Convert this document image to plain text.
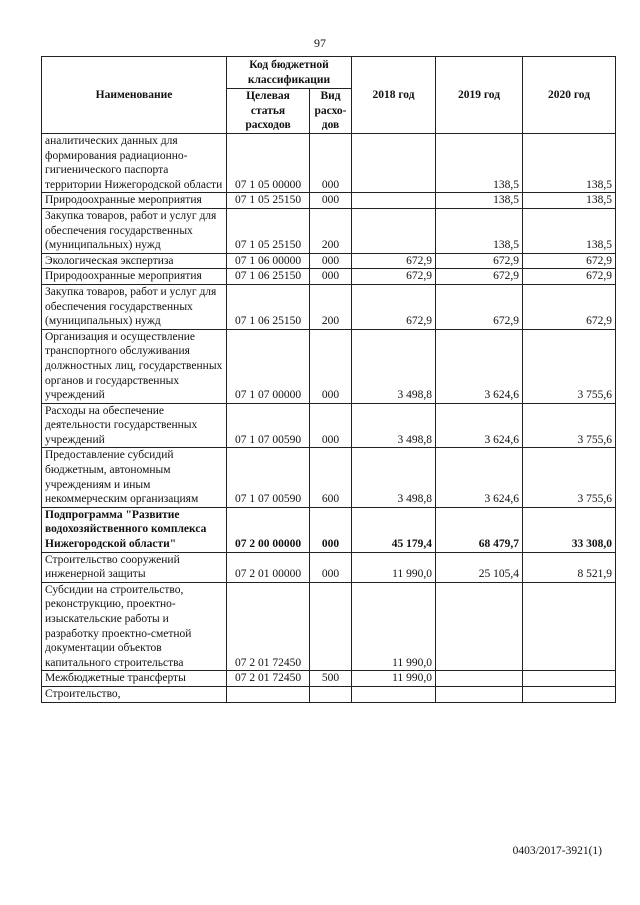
97
Наименование	Код бюджетной классификации		2018 год	2019 год	2020 год
	Целевая статья расходов	Вид расхо-дов			
аналитических данных для формирования радиационно-гигиенического паспорта территории Нижегородской области	07 1 05 00000	000		138,5	138,5
Природоохранные мероприятия	07 1 05 25150	000		138,5	138,5
Закупка товаров, работ и услуг для обеспечения государственных (муниципальных) нужд	07 1 05 25150	200		138,5	138,5
Экологическая экспертиза	07 1 06 00000	000	672,9	672,9	672,9
Природоохранные мероприятия	07 1 06 25150	000	672,9	672,9	672,9
Закупка товаров, работ и услуг для обеспечения государственных (муниципальных) нужд	07 1 06 25150	200	672,9	672,9	672,9
Организация и осуществление транспортного обслуживания должностных лиц, государственных органов и государственных учреждений	07 1 07 00000	000	3 498,8	3 624,6	3 755,6
Расходы на обеспечение деятельности государственных учреждений	07 1 07 00590	000	3 498,8	3 624,6	3 755,6
Предоставление субсидий бюджетным, автономным учреждениям и иным некоммерческим организациям	07 1 07 00590	600	3 498,8	3 624,6	3 755,6
Подпрограмма "Развитие водохозяйственного комплекса Нижегородской области"	07 2 00 00000	000	45 179,4	68 479,7	33 308,0
Строительство сооружений инженерной защиты	07 2 01 00000	000	11 990,0	25 105,4	8 521,9
Субсидии на строительство, реконструкцию, проектно-изыскательские работы и разработку проектно-сметной документации объектов капитального строительства	07 2 01 72450		11 990,0		
Межбюджетные трансферты	07 2 01 72450	500	11 990,0		
Строительство,					
0403/2017-3921(1)
